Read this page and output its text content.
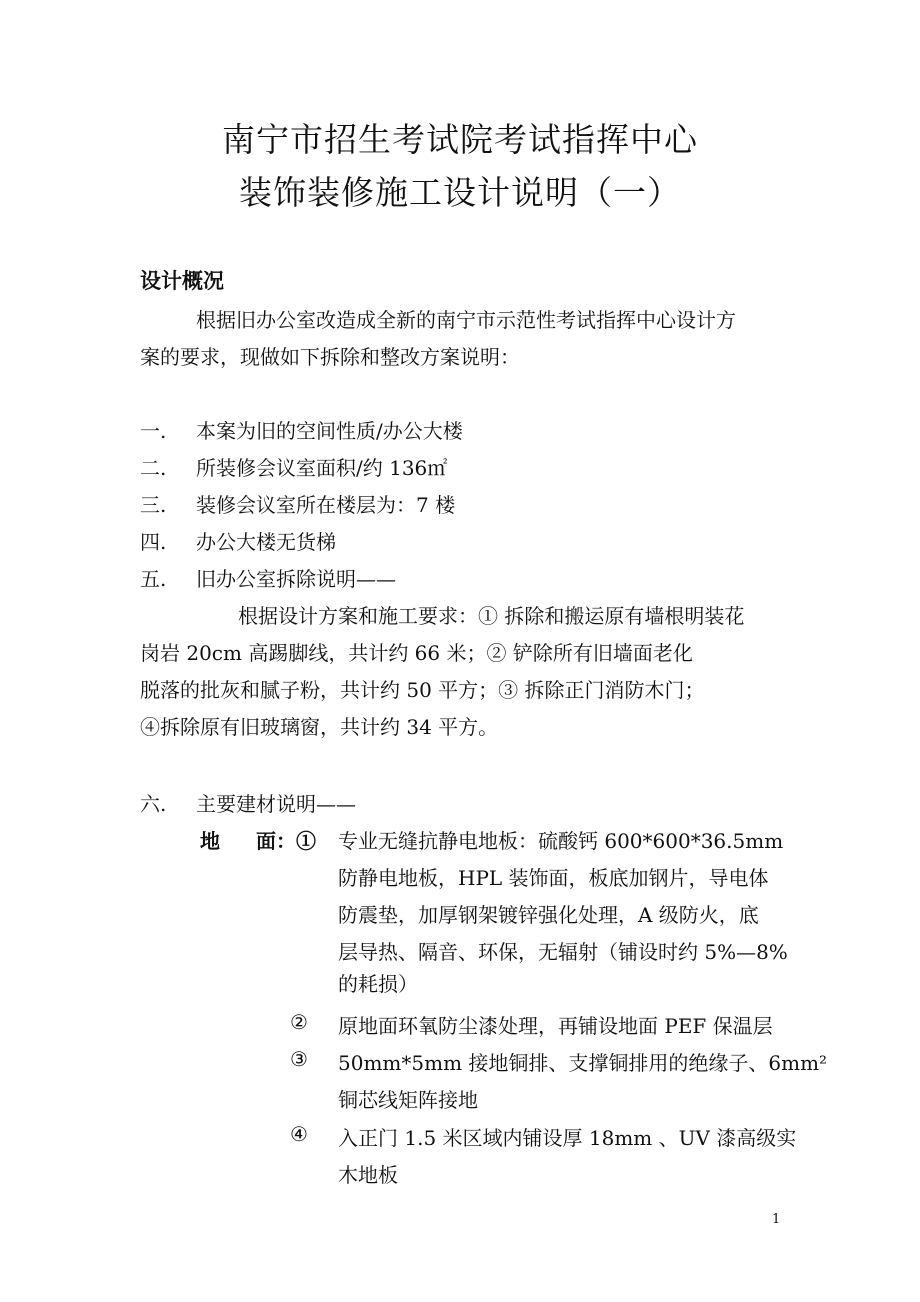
南宁市招生考试院考试指挥中心
装饰装修施工设计说明（一）
设计概况
根据旧办公室改造成全新的南宁市示范性考试指挥中心设计方
案的要求，现做如下拆除和整改方案说明：
一. 本案为旧的空间性质/办公大楼
二. 所装修会议室面积/约 136㎡
三. 装修会议室所在楼层为：7 楼
四. 办公大楼无货梯
五. 旧办公室拆除说明——
根据设计方案和施工要求：① 拆除和搬运原有墙根明装花
岗岩 20cm 高踢脚线，共计约 66 米；② 铲除所有旧墙面老化
脱落的批灰和腻子粉，共计约 50 平方；③ 拆除正门消防木门；
④拆除原有旧玻璃窗，共计约 34 平方。
六. 主要建材说明——
地 面：① 专业无缝抗静电地板：硫酸钙 600*600*36.5mm
防静电地板，HPL 装饰面，板底加钢片，导电体
防震垫，加厚钢架镀锌强化处理，A 级防火，底
层导热、隔音、环保，无辐射（铺设时约 5%—8%
的耗损）
② 原地面环氧防尘漆处理，再铺设地面 PEF 保温层
③ 50mm*5mm 接地铜排、支撑铜排用的绝缘子、6mm²
铜芯线矩阵接地
④ 入正门 1.5 米区域内铺设厚 18mm 、UV 漆高级实
木地板
1
